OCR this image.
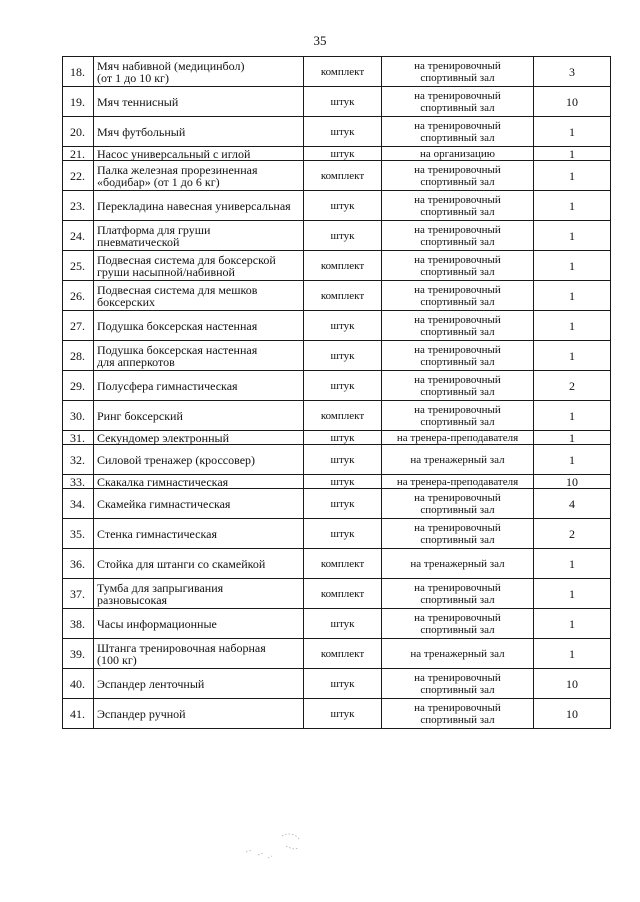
35
18.	Мяч набивной (медицинбол)
(от 1 до 10 кг)	комплект	на тренировочный
спортивный зал	3
19.	Мяч теннисный	штук	на тренировочный
спортивный зал	10
20.	Мяч футбольный	штук	на тренировочный
спортивный зал	1
21.	Насос универсальный с иглой	штук	на организацию	1
22.	Палка железная прорезиненная
«бодибар» (от 1 до 6 кг)	комплект	на тренировочный
спортивный зал	1
23.	Перекладина навесная универсальная	штук	на тренировочный
спортивный зал	1
24.	Платформа для груши
пневматической	штук	на тренировочный
спортивный зал	1
25.	Подвесная система для боксерской
груши насыпной/набивной	комплект	на тренировочный
спортивный зал	1
26.	Подвесная система для мешков
боксерских	комплект	на тренировочный
спортивный зал	1
27.	Подушка боксерская настенная	штук	на тренировочный
спортивный зал	1
28.	Подушка боксерская настенная
для апперкотов	штук	на тренировочный
спортивный зал	1
29.	Полусфера гимнастическая	штук	на тренировочный
спортивный зал	2
30.	Ринг боксерский	комплект	на тренировочный
спортивный зал	1
31.	Секундомер электронный	штук	на тренера-преподавателя	1
32.	Силовой тренажер (кроссовер)	штук	на тренажерный зал	1
33.	Скакалка гимнастическая	штук	на тренера-преподавателя	10
34.	Скамейка гимнастическая	штук	на тренировочный
спортивный зал	4
35.	Стенка гимнастическая	штук	на тренировочный
спортивный зал	2
36.	Стойка для штанги со скамейкой	комплект	на тренажерный зал	1
37.	Тумба для запрыгивания
разновысокая	комплект	на тренировочный
спортивный зал	1
38.	Часы информационные	штук	на тренировочный
спортивный зал	1
39.	Штанга тренировочная наборная
(100 кг)	комплект	на тренажерный зал	1
40.	Эспандер ленточный	штук	на тренировочный
спортивный зал	10
41.	Эспандер ручной	штук	на тренировочный
спортивный зал	10
